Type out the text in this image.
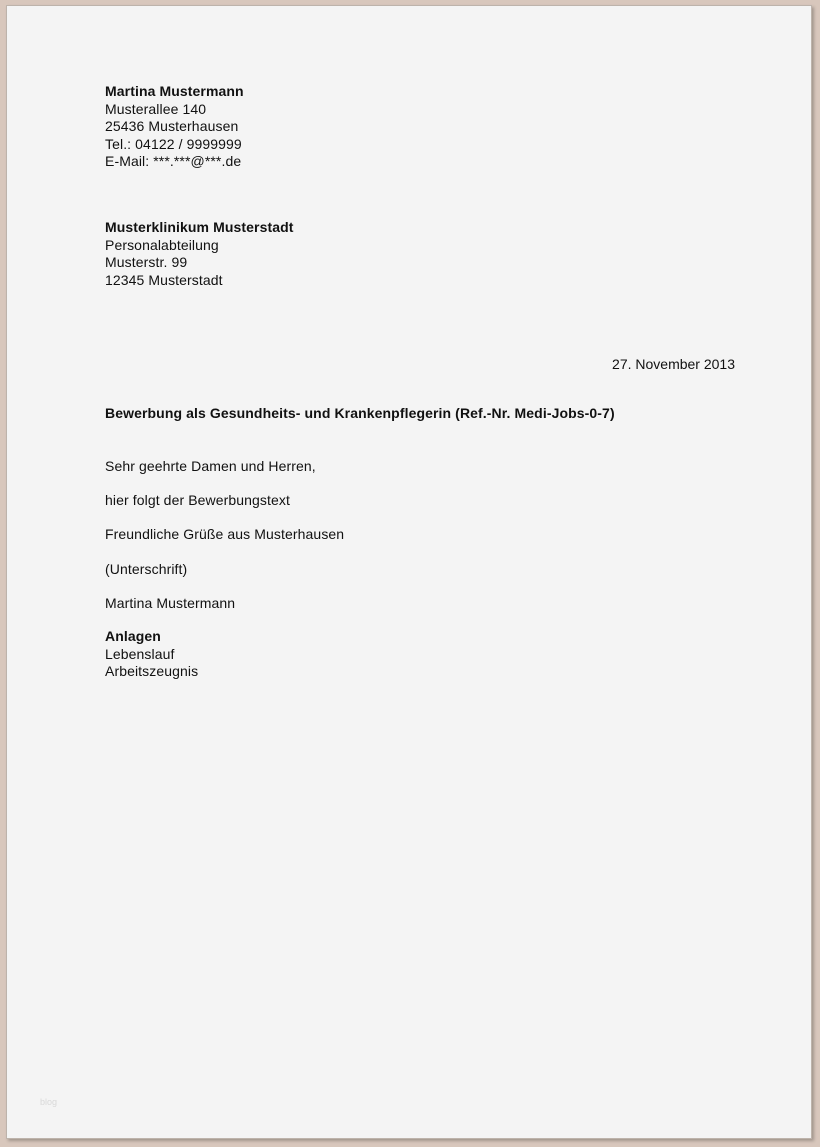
Martina Mustermann
Musterallee 140
25436 Musterhausen
Tel.: 04122 / 9999999
E-Mail: ***.***@***.de
Musterklinikum Musterstadt
Personalabteilung
Musterstr. 99
12345 Musterstadt
27. November 2013
Bewerbung als Gesundheits- und Krankenpflegerin (Ref.-Nr. Medi-Jobs-0-7)
Sehr geehrte Damen und Herren,
hier folgt der Bewerbungstext
Freundliche Grüße aus Musterhausen
(Unterschrift)
Martina Mustermann
Anlagen
Lebenslauf
Arbeitszeugnis
blog
